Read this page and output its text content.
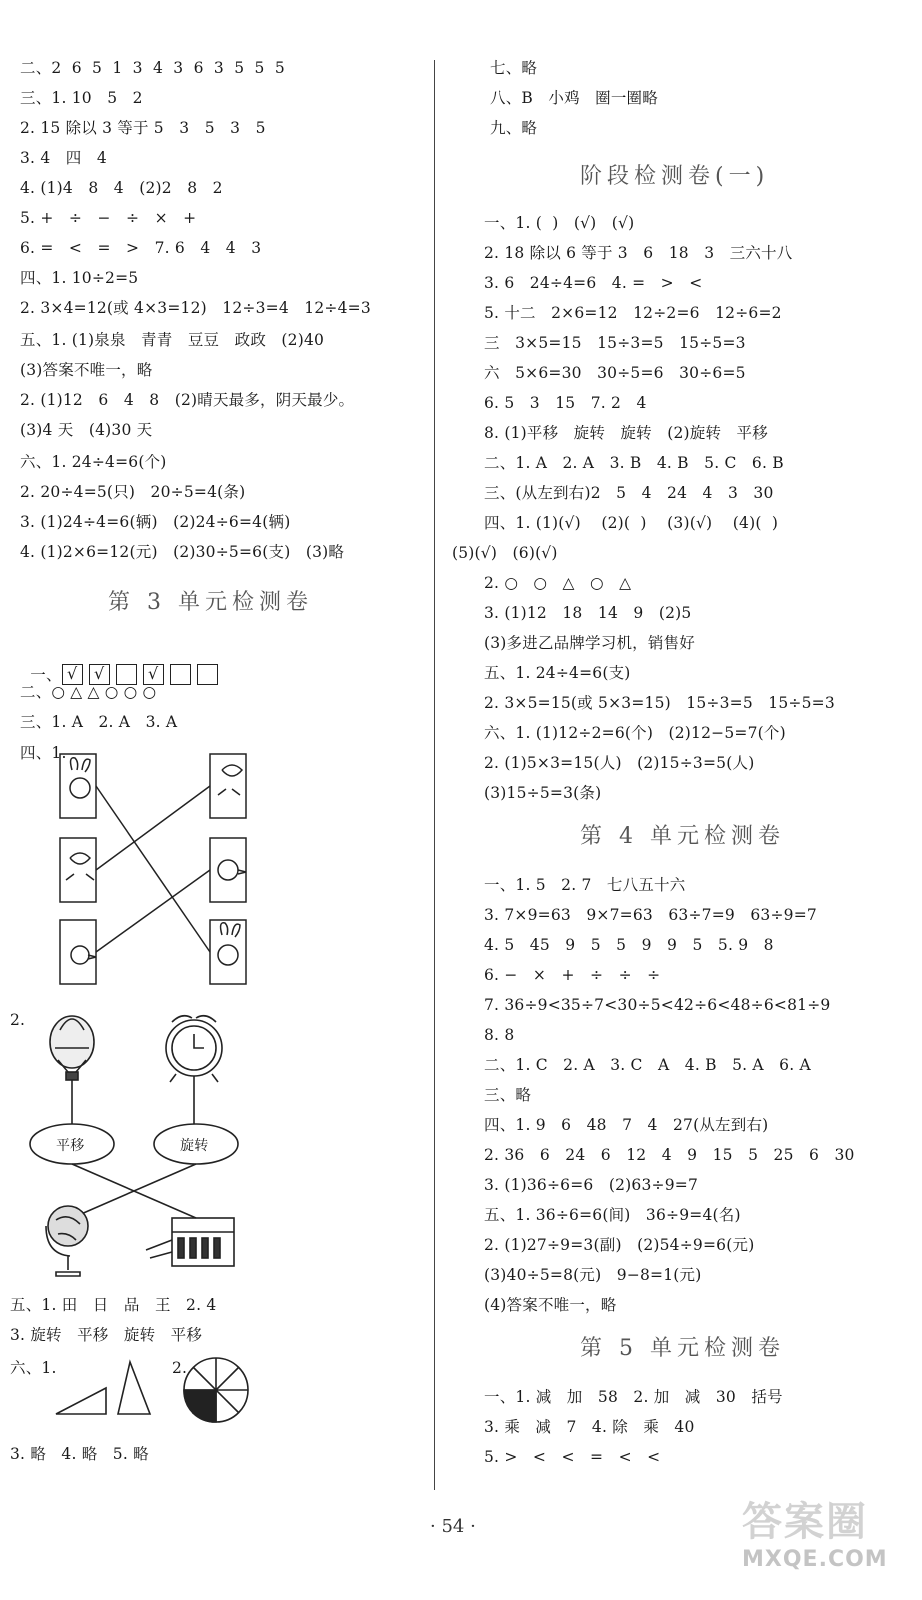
二、2  6  5  1  3  4  3  6  3  5  5  5
三、1. 10   5   2
2. 15 除以 3 等于 5   3   5   3   5
3. 4   四   4
4. (1)4   8   4   (2)2   8   2
5. +   ÷   −   ÷   ×   +
6. =   <   =   >   7. 6   4   4   3
四、1. 10÷2=5
2. 3×4=12(或 4×3=12)   12÷3=4   12÷4=3
五、1. (1)泉泉   青青   豆豆   政政   (2)40
(3)答案不唯一，略
2. (1)12   6   4   8   (2)晴天最多，阴天最少。
(3)4 天   (4)30 天
六、1. 24÷4=6(个)
2. 20÷4=5(只)   20÷5=4(条)
3. (1)24÷4=6(辆)   (2)24÷6=4(辆)
4. (1)2×6=12(元)   (2)30÷5=6(支)   (3)略
第 3 单元检测卷

一、 √ √	√

二、○ △ △ ○ ○ ○
三、1. A   2. A   3. A
四、1.
2.
平移	旋转
五、1. 田   日   品   王   2. 4
3. 旋转   平移   旋转   平移
六、1.	2.
3. 略   4. 略   5. 略
七、略
八、B   小鸡   圈一圈略
九、略
阶段检测卷(一)
一、1. (  )   (√)   (√)
2. 18 除以 6 等于 3   6   18   3   三六十八
3. 6   24÷4=6   4. =   >   <
5. 十二   2×6=12   12÷2=6   12÷6=2
三   3×5=15   15÷3=5   15÷5=3
六   5×6=30   30÷5=6   30÷6=5
6. 5   3   15   7. 2   4
8. (1)平移   旋转   旋转   (2)旋转   平移
二、1. A   2. A   3. B   4. B   5. C   6. B
三、(从左到右)2   5   4   24   4   3   30
四、1. (1)(√)    (2)(  )    (3)(√)    (4)(  )
(5)(√)   (6)(√)
2. ○   ○   △   ○   △
3. (1)12   18   14   9   (2)5
(3)多进乙品牌学习机，销售好
五、1. 24÷4=6(支)
2. 3×5=15(或 5×3=15)   15÷3=5   15÷5=3
六、1. (1)12÷2=6(个)   (2)12−5=7(个)
2. (1)5×3=15(人)   (2)15÷3=5(人)
(3)15÷5=3(条)
第 4 单元检测卷
一、1. 5   2. 7   七八五十六
3. 7×9=63   9×7=63   63÷7=9   63÷9=7
4. 5   45   9   5   5   9   9   5   5. 9   8
6. −   ×   +   ÷   ÷   ÷
7. 36÷9<35÷7<30÷5<42÷6<48÷6<81÷9
8. 8
二、1. C   2. A   3. C   A   4. B   5. A   6. A
三、略
四、1. 9   6   48   7   4   27(从左到右)
2. 36   6   24   6   12   4   9   15   5   25   6   30
3. (1)36÷6=6   (2)63÷9=7
五、1. 36÷6=6(间)   36÷9=4(名)
2. (1)27÷9=3(副)   (2)54÷9=6(元)
(3)40÷5=8(元)   9−8=1(元)
(4)答案不唯一，略
第 5 单元检测卷
一、1. 减   加   58   2. 加   减   30   括号
3. 乘   减   7   4. 除   乘   40
5. >   <   <   =   <   <
· 54 ·	答案圈
MXQE.COM
